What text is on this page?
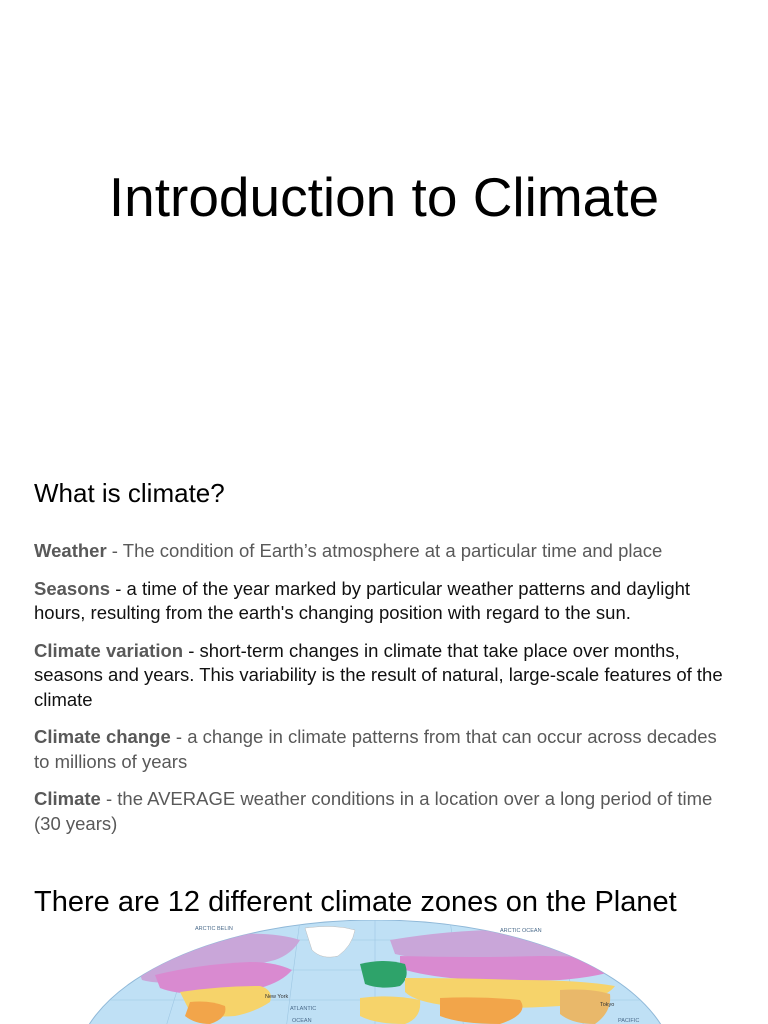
Introduction to Climate
What is climate?

Weather - The condition of Earth’s atmosphere at a particular time and place

Seasons - a time of the year marked by particular weather patterns and daylight hours, resulting from the earth's changing position with regard to the sun.

Climate variation - short-term changes in climate that take place over months, seasons and years. This variability is the result of natural, large-scale features of the climate

Climate change - a change in climate patterns from that can occur across decades to millions of years

Climate - the AVERAGE weather conditions in a location over a long period of time (30 years)

There are 12 different climate zones on the Planet
ARCTIC BELIN	ARCTIC OCEAN
New York
ATLANTIC
OCEAN
Tokyo
PACIFIC
